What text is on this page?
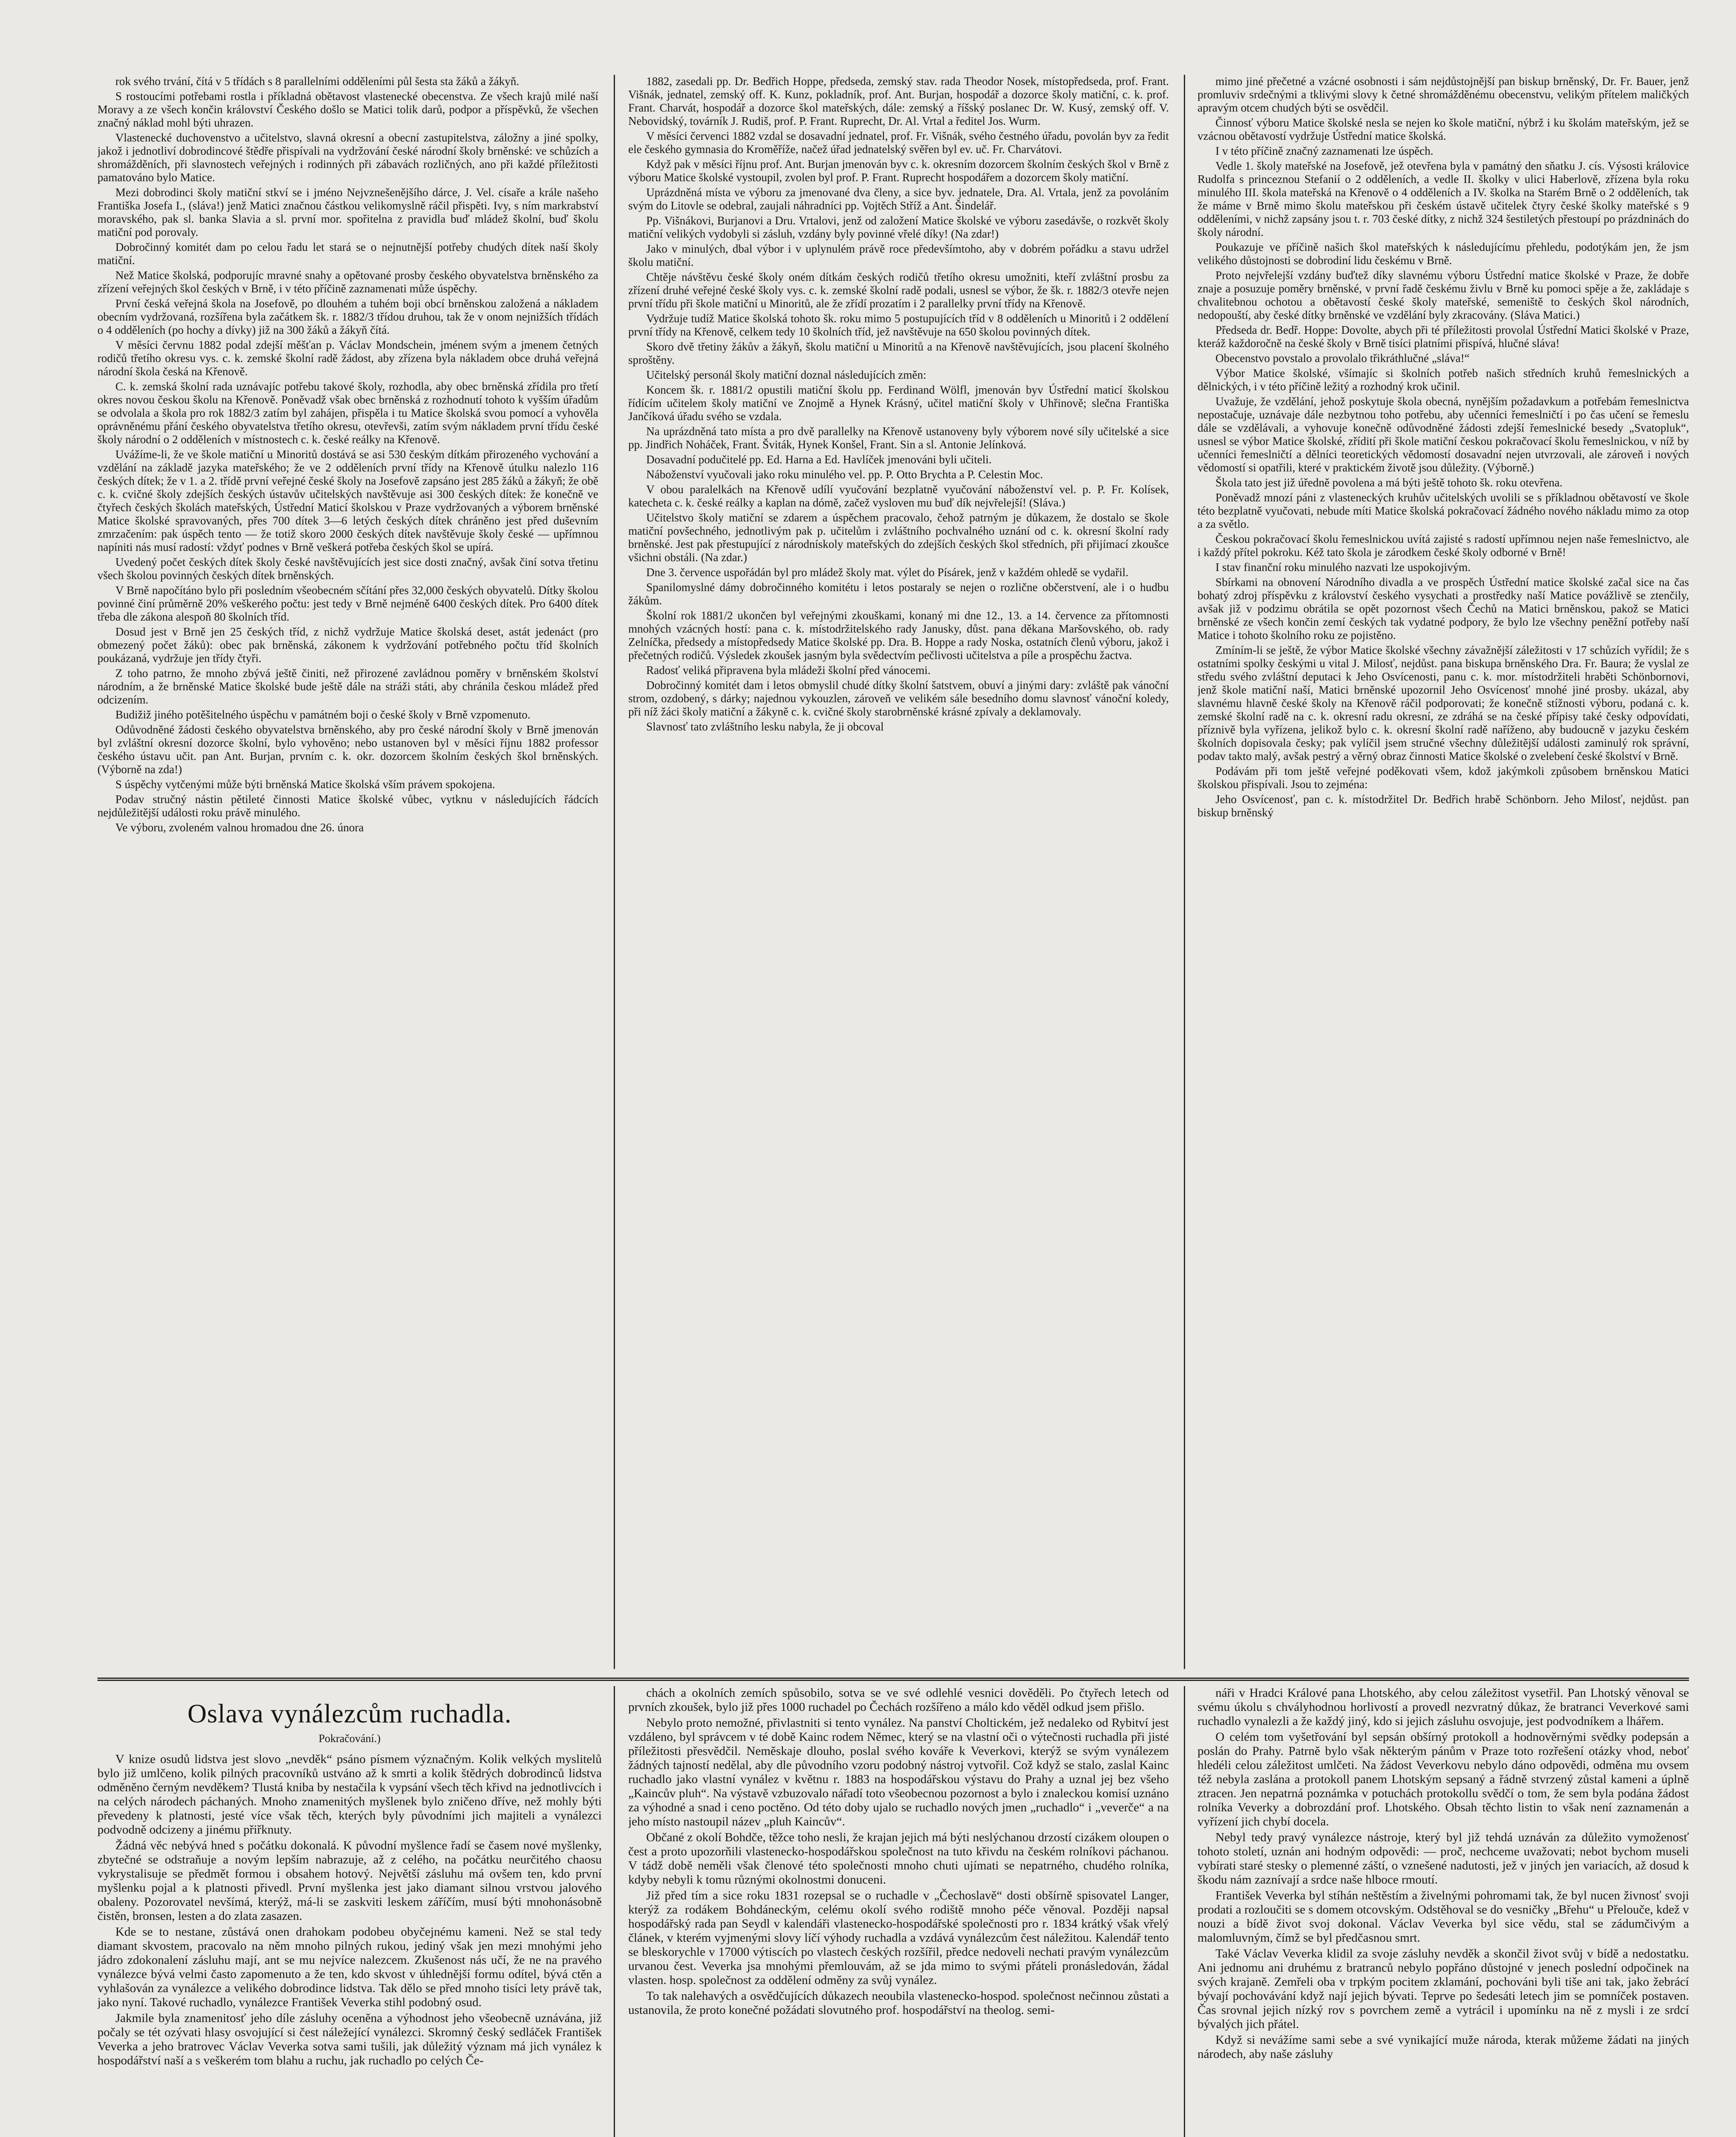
rok svého trvání, čítá v 5 třídách s 8 parallelními odděleními půl šesta sta žáků a žákyň.

S rostoucími potřebami rostla i příkladná obětavost vlastenecké obecenstva. Ze všech krajů milé naší Moravy a ze všech končin království Českého došlo se Matici tolik darů, podpor a příspěvků, že všechen značný náklad mohl býti uhrazen.

Vlastenecké duchovenstvo a učitelstvo, slavná okresní a obecní zastupitelstva, záložny a jiné spolky, jakož i jednotliví dobrodincové štědře přispívali na vydržování české národní školy brněnské: ve schůzích a shromážděních, při slavnostech veřejných i rodinných při zábavách rozličných, ano při každé příležitosti pamatováno bylo Matice.

Mezi dobrodinci školy matiční stkví se i jméno Nejvznešenějšího dárce, J. Vel. císaře a krále našeho Františka Josefa I., (sláva!) jenž Matici značnou částkou velikomyslně ráčil přispěti. Ivy, s ním markrabství moravského, pak sl. banka Slavia a sl. první mor. spořitelna z pravidla buď mládež školní, buď školu matiční pod porovaly.

Dobročinný komitét dam po celou řadu let stará se o nejnutnější potřeby chudých dítek naší školy matiční.

Než Matice školská, podporujíc mravné snahy a opětované prosby českého obyvatelstva brněnského za zřízení veřejných škol českých v Brně, i v této příčině zaznamenati může úspěchy.

První česká veřejná škola na Josefově, po dlouhém a tuhém boji obcí brněnskou založená a nákladem obecním vydržovaná, rozšířena byla začátkem šk. r. 1882/3 třídou druhou, tak že v onom nejnižších třídách o 4 odděleních (po hochy a dívky) již na 300 žáků a žákyň čítá.

V měsíci červnu 1882 podal zdejší měšťan p. Václav Mondschein, jménem svým a jmenem četných rodičů třetího okresu vys. c. k. zemské školní radě žádost, aby zřízena byla nákladem obce druhá veřejná národní škola česká na Křenově.

C. k. zemská školní rada uznávajíc potřebu takové školy, rozhodla, aby obec brněnská zřídila pro třetí okres novou českou školu na Křenově. Poněvadž však obec brněnská z rozhodnutí tohoto k vyšším úřadům se odvolala a škola pro rok 1882/3 zatím byl zahájen, přispěla i tu Matice školská svou pomocí a vyhověla oprávněnému přání českého obyvatelstva třetího okresu, otevřevši, zatím svým nákladem první třídu české školy národní o 2 odděleních v místnostech c. k. české reálky na Křenově.

Uvážíme-li, že ve škole matiční u Minoritů dostává se asi 530 českým dítkám přirozeného vychování a vzdělání na základě jazyka mateřského; že ve 2 odděleních první třídy na Křenově útulku nalezlo 116 českých dítek; že v 1. a 2. třídě první veřejné české školy na Josefově zapsáno jest 285 žáků a žákyň; že obě c. k. cvičné školy zdejších českých ústavův učitelských navštěvuje asi 300 českých dítek: že konečně ve čtyřech českých školách mateřských, Ústřední Maticí školskou v Praze vydržovaných a výborem brněnské Matice školské spravovaných, přes 700 dítek 3—6 letých českých dítek chráněno jest před duševním zmrzačením: pak úspěch tento — že totiž skoro 2000 českých dítek navštěvuje školy české — upřímnou napíniti nás musí radostí: vždyť podnes v Brně veškerá potřeba českých škol se upírá.

Uvedený počet českých dítek školy české navštěvujících jest sice dosti značný, avšak činí sotva třetinu všech školou povinných českých dítek brněnských.

V Brně napočítáno bylo při posledním všeobecném sčítání přes 32,000 českých obyvatelů. Dítky školou povinné činí průměrně 20% veškerého počtu: jest tedy v Brně nejméně 6400 českých dítek. Pro 6400 dítek třeba dle zákona alespoň 80 školních tříd.

Dosud jest v Brně jen 25 českých tříd, z nichž vydržuje Matice školská deset, astát jedenáct (pro obmezený počet žáků): obec pak brněnská, zákonem k vydržování potřebného počtu tříd školních poukázaná, vydržuje jen třídy čtyři.

Z toho patrno, že mnoho zbývá ještě činiti, než přirozené zavládnou poměry v brněnském školství národním, a že brněnské Matice školské bude ještě dále na stráži státi, aby chránila českou mládež před odcizením.

Budižiž jiného potěšitelného úspěchu v památném boji o české školy v Brně vzpomenuto.

Odůvodněné žádosti českého obyvatelstva brněnského, aby pro české národní školy v Brně jmenován byl zvláštní okresní dozorce školní, bylo vyhověno; nebo ustanoven byl v měsíci říjnu 1882 professor českého ústavu učit. pan Ant. Burjan, prvním c. k. okr. dozorcem školním českých škol brněnských. (Výborně na zda!)

S úspěchy vytčenými může býti brněnská Matice školská vším právem spokojena.

Podav stručný nástin pětileté činnosti Matice školské vůbec, vytknu v následujících řádcích nejdůležitější události roku právě minulého.

Ve výboru, zvoleném valnou hromadou dne 26. února

1882, zasedali pp. Dr. Bedřich Hoppe, předseda, zemský stav. rada Theodor Nosek, místopředseda, prof. Frant. Višnák, jednatel, zemský off. K. Kunz, pokladník, prof. Ant. Burjan, hospodář a dozorce školy matiční, c. k. prof. Frant. Charvát, hospodář a dozorce škol mateřských, dále: zemský a říšský poslanec Dr. W. Kusý, zemský off. V. Nebovidský, továrník J. Rudiš, prof. P. Frant. Ruprecht, Dr. Al. Vrtal a ředitel Jos. Wurm.

V měsíci červenci 1882 vzdal se dosavadní jednatel, prof. Fr. Višnák, svého čestného úřadu, povolán byv za ředit ele českého gymnasia do Kroměříže, načež úřad jednatelský svěřen byl ev. uč. Fr. Charvátovi.

Když pak v měsíci říjnu prof. Ant. Burjan jmenován byv c. k. okresním dozorcem školním českých škol v Brně z výboru Matice školské vystoupil, zvolen byl prof. P. Frant. Ruprecht hospodářem a dozorcem školy matiční.

Uprázdněná místa ve výboru za jmenované dva členy, a sice byv. jednatele, Dra. Al. Vrtala, jenž za povoláním svým do Litovle se odebral, zaujali náhradníci pp. Vojtěch Stříž a Ant. Šindelář.

Pp. Višnákovi, Burjanovi a Dru. Vrtalovi, jenž od založení Matice školské ve výboru zasedávše, o rozkvět školy matiční velikých vydobyli si zásluh, vzdány byly povinné vřelé díky! (Na zdar!)

Jako v minulých, dbal výbor i v uplynulém právě roce předevšímtoho, aby v dobrém pořádku a stavu udržel školu matiční.

Chtěje návštěvu české školy oném dítkám českých rodičů třetího okresu umožniti, kteří zvláštní prosbu za zřízení druhé veřejné české školy vys. c. k. zemské školní radě podali, usnesl se výbor, že šk. r. 1882/3 otevře nejen první třídu při škole matiční u Minoritů, ale že zřídí prozatím i 2 parallelky první třídy na Křenově.

Vydržuje tudíž Matice školská tohoto šk. roku mimo 5 postupujících tříd v 8 odděleních u Minoritů i 2 oddělení první třídy na Křenově, celkem tedy 10 školních tříd, jež navštěvuje na 650 školou povinných dítek.

Skoro dvě třetiny žákův a žákyň, školu matiční u Minoritů a na Křenově navštěvujících, jsou placení školného sproštěny.

Učitelský personál školy matiční doznal následujících změn:

Koncem šk. r. 1881/2 opustili matiční školu pp. Ferdinand Wölfl, jmenován byv Ústřední maticí školskou řídícím učitelem školy matiční ve Znojmě a Hynek Krásný, učitel matiční školy v Uhřinově; slečna Františka Jančíková úřadu svého se vzdala.

Na uprázdněná tato místa a pro dvě parallelky na Křenově ustanoveny byly výborem nové síly učitelské a sice pp. Jindřich Noháček, Frant. Šviták, Hynek Konšel, Frant. Sin a sl. Antonie Jelínková.

Dosavadní podučitelé pp. Ed. Harna a Ed. Havlíček jmenováni byli učiteli.

Náboženství vyučovali jako roku minulého vel. pp. P. Otto Brychta a P. Celestin Moc.

V obou paralelkách na Křenově udílí vyučování bezplatně vyučování náboženství vel. p. P. Fr. Kolísek, katecheta c. k. české reálky a kaplan na dómě, začež vysloven mu buď dík nejvřelejší! (Sláva.)

Učitelstvo školy matiční se zdarem a úspěchem pracovalo, čehož patrným je důkazem, že dostalo se škole matiční povšechného, jednotlivým pak p. učitelům i zvláštního pochvalného uznání od c. k. okresní školní rady brněnské. Jest pak přestupující z národnískoly mateřských do zdejších českých škol středních, při přijímací zkoušce všichni obstáli. (Na zdar.)

Dne 3. července uspořádán byl pro mládež školy mat. výlet do Písárek, jenž v každém ohledě se vydařil.

Spanilomyslné dámy dobročinného komitétu i letos postaraly se nejen o rozlične občerstvení, ale i o hudbu žákům.

Školní rok 1881/2 ukončen byl veřejnými zkouškami, konaný mi dne 12., 13. a 14. července za přítomnosti mnohých vzácných hostí: pana c. k. místodržitelského rady Janusky, důst. pana děkana Maršovského, ob. rady Zelníčka, předsedy a místopředsedy Matice školské pp. Dra. B. Hoppe a rady Noska, ostatních členů výboru, jakož i přečetných rodičů. Výsledek zkoušek jasným byla svědectvím pečlivosti učitelstva a píle a prospěchu žactva.

Radosť veliká připravena byla mládeži školní před vánocemi.

Dobročinný komitét dam i letos obmyslil chudé dítky školní šatstvem, obuví a jinými dary: zvláště pak vánoční strom, ozdobený, s dárky; najednou vykouzlen, zároveň ve velikém sále besedního domu slavnosť vánoční koledy, při níž žáci školy matiční a žákyně c. k. cvičné školy starobrněnské krásné zpívaly a deklamovaly.

Slavnosť tato zvláštního lesku nabyla, že ji obcoval

mimo jiné přečetné a vzácné osobnosti i sám nejdůstojnější pan biskup brněnský, Dr. Fr. Bauer, jenž promluviv srdečnými a tklivými slovy k četné shromážděnému obecenstvu, velikým přítelem maličkých apravým otcem chudých býti se osvědčil.

Činnosť výboru Matice školské nesla se nejen ko škole matiční, nýbrž i ku školám mateřským, jež se vzácnou obětavostí vydržuje Ústřední matice školská.

I v této příčině značný zaznamenati lze úspěch.

Vedle 1. školy mateřské na Josefově, jež otevřena byla v památný den sňatku J. cís. Výsosti královice Rudolfa s princeznou Stefanií o 2 odděleních, a vedle II. školky v ulici Haberlově, zřízena byla roku minulého III. škola mateřská na Křenově o 4 odděleních a IV. školka na Starém Brně o 2 odděleních, tak že máme v Brně mimo školu mateřskou při českém ústavě učitelek čtyry české školky mateřské s 9 odděleními, v nichž zapsány jsou t. r. 703 české dítky, z nichž 324 šestiletých přestoupí po prázdninách do školy národní.

Poukazuje ve příčině našich škol mateřských k následujícímu přehledu, podotýkám jen, že jsm velikého důstojnosti se dobrodiní lidu českému v Brně.

Proto nejvřelejší vzdány buďtež díky slavnému výboru Ústřední matice školské v Praze, že dobře znaje a posuzuje poměry brněnské, v první řadě českému živlu v Brně ku pomoci spěje a že, zakládaje s chvalitebnou ochotou a obětavostí české školy mateřské, semeniště to českých škol národních, nedopouští, aby české dítky brněnské ve vzdělání byly zkracovány. (Sláva Matici.)

Předseda dr. Bedř. Hoppe: Dovolte, abych při té příležitosti provolal Ústřední Matici školské v Praze, kteráž každoročně na české školy v Brně tisíci platními přispívá, hlučné sláva!

Obecenstvo povstalo a provolalo třikráthlučné „sláva!“

Výbor Matice školské, všímajíc si školních potřeb našich středních kruhů řemeslnických a dělnických, i v této příčině ležitý a rozhodný krok učinil.

Uvažuje, že vzdělání, jehož poskytuje škola obecná, nynějším požadavkum a potřebám řemeslnictva nepostačuje, uznávaje dále nezbytnou toho potřebu, aby učenníci řemeslničtí i po čas učení se řemeslu dále se vzdělávali, a vyhovuje konečně odůvodněné žádosti zdejší řemeslnické besedy „Svatopluk“, usnesl se výbor Matice školské, zřídití při škole matiční českou pokračovací školu řemeslnickou, v níž by učenníci řemeslničtí a dělníci teoretických vědomostí dosavadní nejen utvrzovali, ale zároveň i nových vědomostí si opatřili, které v praktickém životě jsou důležity. (Výborně.)

Škola tato jest již úředně povolena a má býti ještě tohoto šk. roku otevřena.

Poněvadž mnozí páni z vlasteneckých kruhův učitelských uvolili se s příkladnou obětavostí ve škole této bezplatně vyučovati, nebude míti Matice školská pokračovací žádného nového nákladu mimo za otop a za světlo.

Českou pokračovací školu řemeslnickou uvítá zajisté s radostí upřímnou nejen naše řemeslnictvo, ale i každý přítel pokroku. Kéž tato škola je zárodkem české školy odborné v Brně!

I stav finanční roku minulého nazvati lze uspokojivým.

Sbírkami na obnovení Národního divadla a ve prospěch Ústřední matice školské začal sice na čas bohatý zdroj příspěvku z království českého vysychati a prostředky naší Matice povážlivě se ztenčily, avšak již v podzimu obrátila se opět pozornost všech Čechů na Matici brněnskou, pakož se Matici brněnské ze všech končin zemí českých tak vydatné podpory, že bylo lze všechny peněžní potřeby naší Matice i tohoto školního roku ze pojistěno.

Zmíním-li se ještě, že výbor Matice školské všechny závažnější záležitosti v 17 schůzích vyřídil; že s ostatními spolky českými u vital J. Milosť, nejdůst. pana biskupa brněnského Dra. Fr. Baura; že vyslal ze středu svého zvláštní deputaci k Jeho Osvícenosti, panu c. k. mor. místodržiteli hraběti Schönbornovi, jenž škole matiční naší, Matici brněnské upozornil Jeho Osvícenosť mnohé jiné prosby. ukázal, aby slavnému hlavně české školy na Křenově ráčil podporovati; že konečně stížnosti výboru, podaná c. k. zemské školní radě na c. k. okresní radu okresní, ze zdráhá se na české přípisy také česky odpovídati, příznivě byla vyřízena, jelikož bylo c. k. okresní školní radě naříženo, aby budoucně v jazyku českém školních dopisovala česky; pak vylíčil jsem stručné všechny důležitější události zaminulý rok správní, podav takto malý, avšak pestrý a věrný obraz činnosti Matice školské o zvelebení české školství v Brně.

Podávám při tom ještě veřejné poděkovati všem, kdož jakýmkoli způsobem brněnskou Matici školskou přispívali. Jsou to zejména:

Jeho Osvícenosť, pan c. k. místodržitel Dr. Bedřich hrabě Schönborn. Jeho Milosť, nejdůst. pan biskup brněnský

Oslava vynálezcům ruchadla.
Pokračování.)

V knize osudů lidstva jest slovo „nevděk“ psáno písmem význačným. Kolik velkých myslitelů bylo již umlčeno, kolik pilných pracovníků ustváno až k smrti a kolik štědrých dobrodinců lidstva odměněno černým nevděkem? Tlustá kniba by nestačila k vypsání všech těch křivd na jednotlivcích i na celých národech páchaných. Mnoho znamenitých myšlenek bylo zničeno dříve, než mohly býti převedeny k platnosti, jesté více však těch, kterých byly původními jich majiteli a vynálezci podvodně odcizeny a jinému přiřknuty.

Žádná věc nebývá hned s počátku dokonalá. K původní myšlence řadí se časem nové myšlenky, zbytečné se odstraňuje a novým lepším nabrazuje, až z celého, na počátku neurčitého chaosu vykrystalisuje se předmět formou i obsahem hotový. Největší zásluhu má ovšem ten, kdo první myšlenku pojal a k platnosti přivedl. První myšlenka jest jako diamant silnou vrstvou jalového obaleny. Pozorovatel nevšímá, kterýž, má-li se zaskviti leskem záříčím, musí býti mnohonásobně čistěn, bronsen, lesten a do zlata zasazen.

Kde se to nestane, zůstává onen drahokam podobeu obyčejnému kameni. Než se stal tedy diamant skvostem, pracovalo na něm mnoho pilných rukou, jediný však jen mezi mnohými jeho jádro zdokonalení zásluhu mají, ant se mu nejvíce nalezcem. Zkušenost nás učí, že ne na pravého vynálezce bývá velmi často zapomenuto a že ten, kdo skvost v úhlednější formu odítel, bývá ctěn a vyhlašován za vynálezce a velikého dobrodince lidstva. Tak dělo se před mnoho tisíci lety právě tak, jako nyní. Takové ruchadlo, vynálezce František Veverka stihl podobný osud.

Jakmile byla znamenitosť jeho díle zásluhy oceněna a výhodnost jeho všeobecně uznávána, již počaly se tét ozývati hlasy osvojující si čest náležející vynálezci. Skromný český sedláček František Veverka a jeho bratrovec Václav Veverka sotva sami tušili, jak důležitý význam má jich vynález k hospodářství naší a s veškerém tom blahu a ruchu, jak ruchadlo po celých Če-

chách a okolních zemích spůsobilo, sotva se ve své odlehlé vesnici dověděli. Po čtyřech letech od prvních zkoušek, bylo již přes 1000 ruchadel po Čechách rozšířeno a málo kdo věděl odkud jsem přišlo.

Nebylo proto nemožné, přivlastniti si tento vynález. Na panství Choltickém, jež nedaleko od Rybitví jest vzdáleno, byl správcem v té době Kainc rodem Němec, který se na vlastní oči o výtečnosti ruchadla při jisté příležitosti přesvědčil. Neměskaje dlouho, poslal svého kováře k Veverkovi, kterýž se svým vynálezem žádných tajností nedělal, aby dle původního vzoru podobný nástroj vytvořil. Což když se stalo, zaslal Kainc ruchadlo jako vlastní vynález v květnu r. 1883 na hospodářskou výstavu do Prahy a uznal jej bez všeho „Kaincův pluh“. Na výstavě vzbuzovalo nářadí toto všeobecnou pozornost a bylo i znaleckou komisí uznáno za výhodné a snad i ceno poctěno. Od této doby ujalo se ruchadlo nových jmen „ruchadlo“ i „veverče“ a na jeho místo nastoupil název „pluh Kaincův“.

Občané z okolí Bohdče, těžce toho nesli, že krajan jejich má býti neslýchanou drzostí cizákem oloupen o čest a proto upozorňili vlastenecko-hospodářskou společnost na tuto křivdu na českém rolníkovi páchanou. V tádž době neměli však členové této společnosti mnoho chuti ujímati se nepatrného, chudého rolníka, kdyby nebyli k tomu různými okolnostmi donuceni.

Již před tím a sice roku 1831 rozepsal se o ruchadle v „Čechoslavě“ dosti obšírně spisovatel Langer, kterýž za rodákem Bohdáneckým, celému okolí svého rodiště mnoho péče věnoval. Později napsal hospodářský rada pan Seydl v kalendáři vlastenecko-hospodářské společnosti pro r. 1834 krátký však vřelý článek, v kterém vyjmenými slovy líčí výhody ruchadla a vzdává vynálezcům čest náležitou. Kalendář tento se bleskorychle v 17000 výtiscích po vlastech českých rozšířil, předce nedoveli nechati pravým vynálezcům urvanou čest. Veverka jsa mnohými přemlouvám, až se jda mimo to svými přáteli pronásledován, žádal vlasten. hosp. společnost za oddělení odměny za svůj vynález.

To tak nalehavých a osvědčujících důkazech neoubila vlastenecko-hospod. společnost nečinnou zůstati a ustanovila, že proto konečné požádati slovutného prof. hospodářství na theolog. semi-

náři v Hradci Králové pana Lhotského, aby celou záležitost vysetřil. Pan Lhotský věnoval se svému úkolu s chvályhodnou horlivostí a provedl nezvratný důkaz, že bratranci Veverkové sami ruchadlo vynalezli a že každý jiný, kdo si jejich zásluhu osvojuje, jest podvodníkem a lhářem.

O celém tom vyšetřování byl sepsán obšírný protokoll a hodnověrnými svědky podepsán a poslán do Prahy. Patrně bylo však některým pánům v Praze toto rozřešení otázky vhod, neboť hledéli celou záležitost umlčeti. Na žádost Veverkovu nebylo dáno odpovědi, odměna mu ovsem též nebyla zaslána a protokoll panem Lhotským sepsaný a řádně stvrzený zůstal kameni a úplně ztracen. Jen nepatrná poznámka v potuchách protokollu svědčí o tom, že sem byla podána žádost rolníka Veverky a dobrozdání prof. Lhotského. Obsah těchto listin to však není zaznamenán a vyřízení jich chybí docela.

Nebyl tedy pravý vynálezce nástroje, který byl již tehdá uznáván za důležito vymoženosť tohoto století, uznán ani hodným odpovědi: — proč, nechceme uvažovati; nebot bychom museli vybírati staré stesky o plemenné záští, o vznešené nadutosti, jež v jiných jen variacích, až dosud k škodu nám zaznívají a srdce naše hlboce rmoutí.

František Veverka byl stíhán neštěstím a živelnými pohromami tak, že byl nucen živnosť svoji prodati a rozloučiti se s domem otcovským. Odstěhoval se do vesničky „Břehu“ u Přelouče, kdež v nouzi a bídě život svoj dokonal. Václav Veverka byl sice vědu, stal se zádumčivým a malomluvným, čímž se byl předčasnou smrt.

Také Václav Veverka klidil za svoje zásluhy nevděk a skončil život svůj v bídě a nedostatku. Ani jednomu ani druhému z bratranců nebylo popřáno důstojné v jenech poslední odpočinek na svých krajaně. Zemřeli oba v trpkým pocitem zklamání, pochováni byli tiše ani tak, jako žebrácí bývají pochovávání když nají jejich bývati. Teprve po šedesáti letech jim se pomníček postaven. Čas srovnal jejich nízký rov s povrchem země a vytrácil i upomínku na ně z mysli i ze srdcí bývalých jich přátel.

Když si nevážíme sami sebe a své vynikající muže národa, kterak můžeme žádati na jiných národech, aby naše zásluhy
